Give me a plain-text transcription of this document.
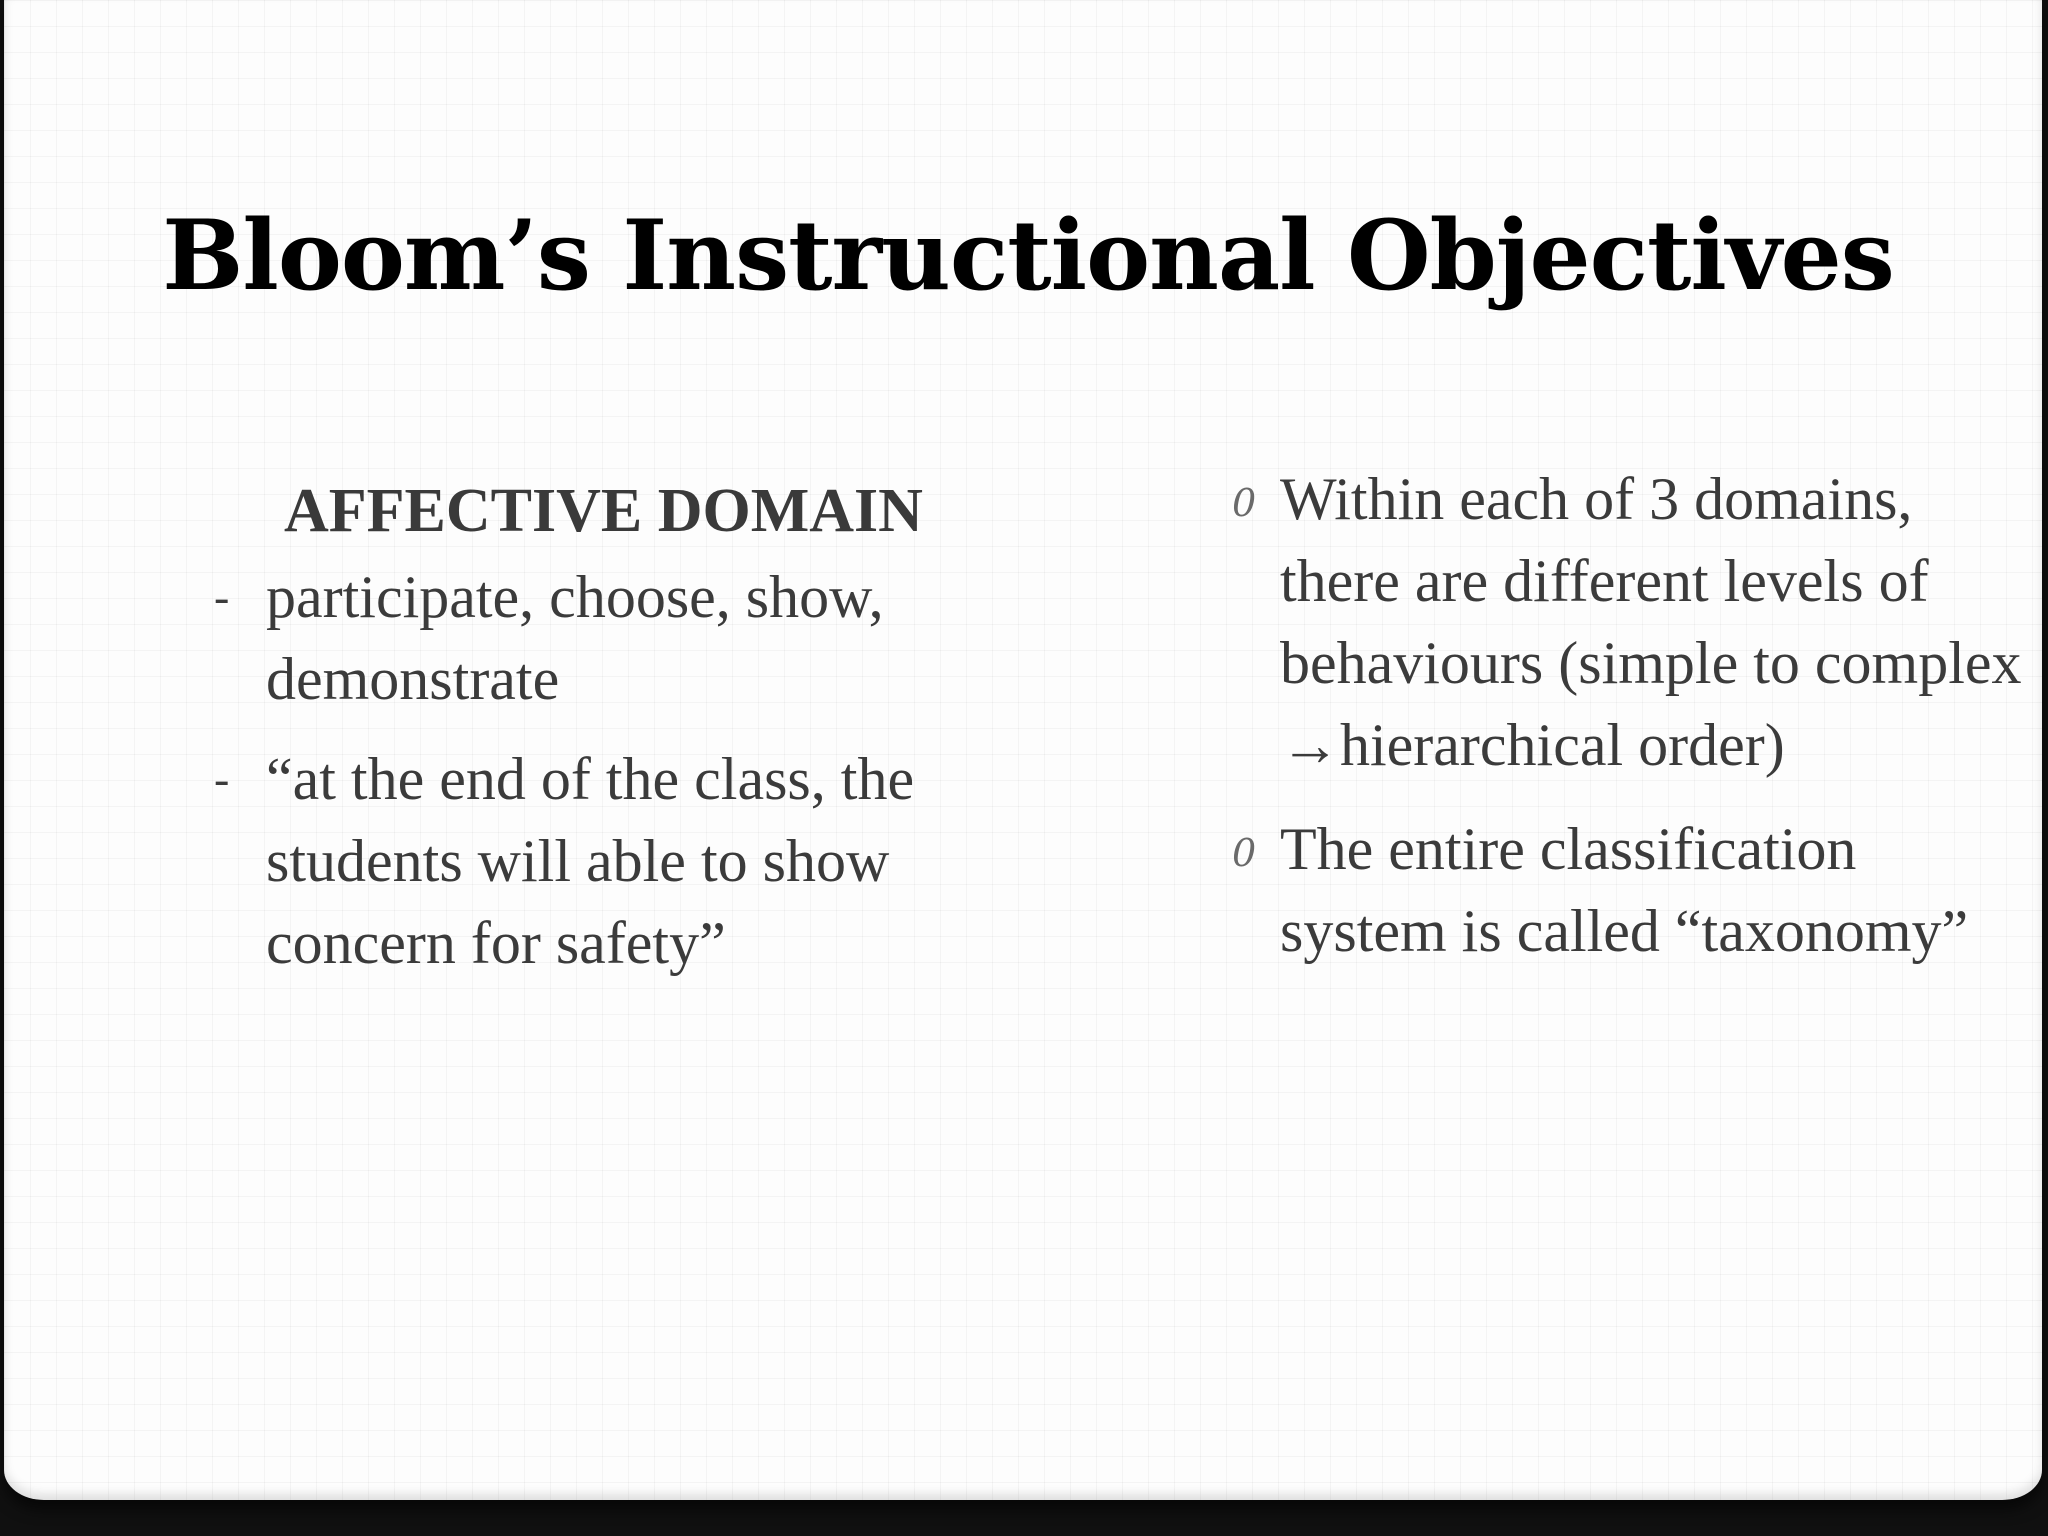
Bloom’s Instructional Objectives

AFFECTIVE DOMAIN

- participate, choose, show, demonstrate
- “at the end of the class, the students will able to show concern for safety”
0 Within each of 3 domains, there are different levels of behaviours (simple to complex →hierarchical order)
0 The entire classification system is called “taxonomy”
